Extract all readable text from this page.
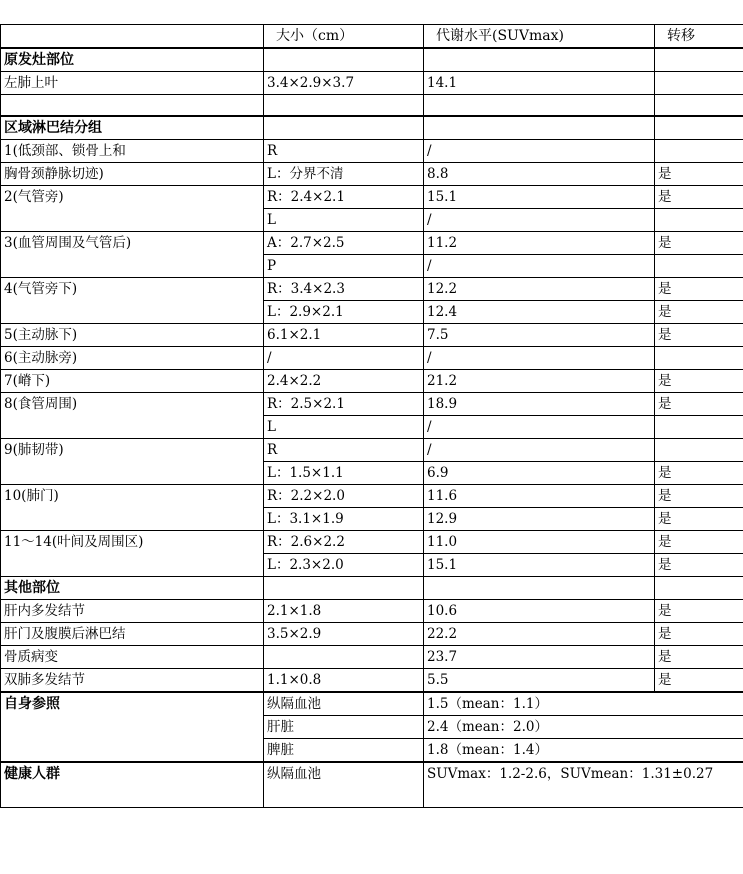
	大小（cm）	代谢水平(SUVmax)	转移
原发灶部位			
左肺上叶	3.4×2.9×3.7	14.1	

区域淋巴结分组			
1(低颈部、锁骨上和	R	/	
胸骨颈静脉切迹)	L：分界不清	8.8	是
2(气管旁)	R：2.4×2.1	15.1	是
	L	/	
3(血管周围及气管后)	A：2.7×2.5	11.2	是
	P	/	
4(气管旁下)	R：3.4×2.3	12.2	是
	L：2.9×2.1	12.4	是
5(主动脉下)	6.1×2.1	7.5	是
6(主动脉旁)	/	/	
7(嵴下)	2.4×2.2	21.2	是
8(食管周围)	R：2.5×2.1	18.9	是
	L	/	
9(肺韧带)	R	/	
	L：1.5×1.1	6.9	是
10(肺门)	R：2.2×2.0	11.6	是
	L：3.1×1.9	12.9	是
11～14(叶间及周围区)	R：2.6×2.2	11.0	是
	L：2.3×2.0	15.1	是
其他部位			
肝内多发结节	2.1×1.8	10.6	是
肝门及腹膜后淋巴结	3.5×2.9	22.2	是
骨质病变		23.7	是
双肺多发结节	1.1×0.8	5.5	是
自身参照	纵隔血池	1.5（mean：1.1）	
	肝脏	2.4（mean：2.0）	
	脾脏	1.8（mean：1.4）	
健康人群	纵隔血池	SUVmax：1.2-2.6，SUVmean：1.31±0.27	
